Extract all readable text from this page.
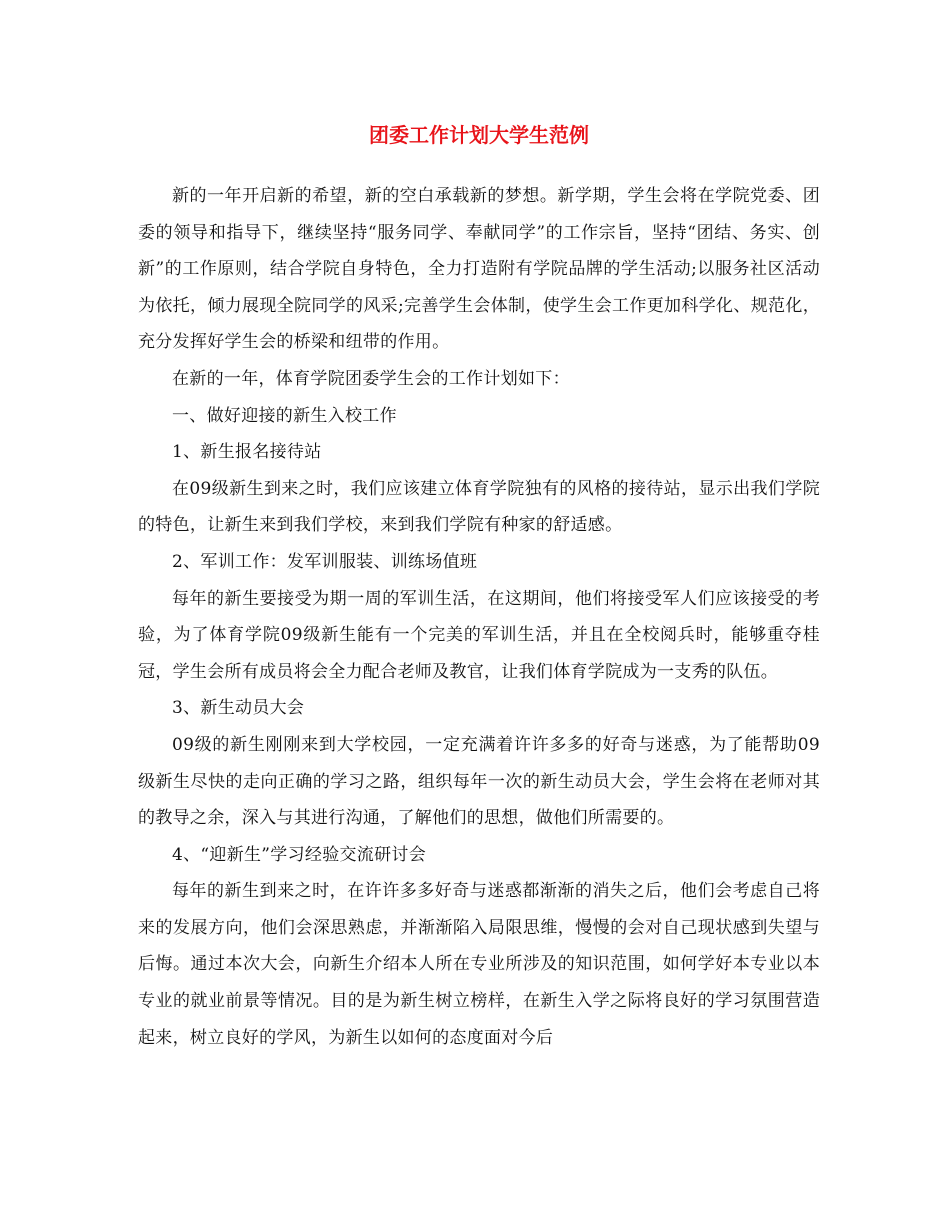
团委工作计划大学生范例

新的一年开启新的希望，新的空白承载新的梦想。新学期，学生会将在学院党委、团委的领导和指导下，继续坚持“服务同学、奉献同学”的工作宗旨，坚持“团结、务实、创新”的工作原则，结合学院自身特色，全力打造附有学院品牌的学生活动;以服务社区活动为依托，倾力展现全院同学的风采;完善学生会体制，使学生会工作更加科学化、规范化，充分发挥好学生会的桥梁和纽带的作用。

在新的一年，体育学院团委学生会的工作计划如下：

一、做好迎接的新生入校工作

1、新生报名接待站

在09级新生到来之时，我们应该建立体育学院独有的风格的接待站，显示出我们学院的特色，让新生来到我们学校，来到我们学院有种家的舒适感。

2、军训工作：发军训服装、训练场值班

每年的新生要接受为期一周的军训生活，在这期间，他们将接受军人们应该接受的考验，为了体育学院09级新生能有一个完美的军训生活，并且在全校阅兵时，能够重夺桂冠，学生会所有成员将会全力配合老师及教官，让我们体育学院成为一支秀的队伍。

3、新生动员大会

09级的新生刚刚来到大学校园，一定充满着许许多多的好奇与迷惑，为了能帮助09级新生尽快的走向正确的学习之路，组织每年一次的新生动员大会，学生会将在老师对其的教导之余，深入与其进行沟通，了解他们的思想，做他们所需要的。

4、“迎新生”学习经验交流研讨会

每年的新生到来之时，在许许多多好奇与迷惑都渐渐的消失之后，他们会考虑自己将来的发展方向，他们会深思熟虑，并渐渐陷入局限思维，慢慢的会对自己现状感到失望与后悔。通过本次大会，向新生介绍本人所在专业所涉及的知识范围，如何学好本专业以本专业的就业前景等情况。目的是为新生树立榜样，在新生入学之际将良好的学习氛围营造起来，树立良好的学风，为新生以如何的态度面对今后
